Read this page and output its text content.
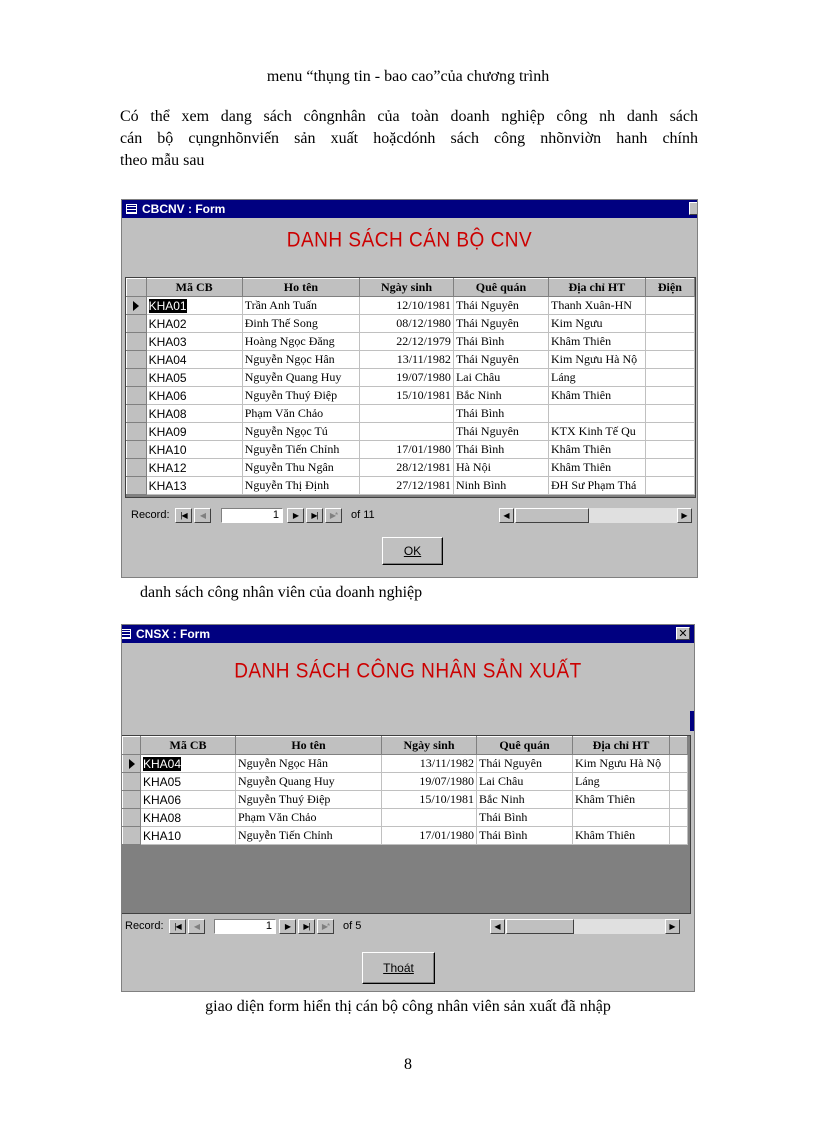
menu “thụng tin - bao cao”của chương trình
Có thể xem dang sách côngnhân của toàn doanh nghiệp công nh danh sách
cán bộ cụngnhõnviến sản xuất hoặcdónh sách công nhõnviờn hanh chính
theo mẫu sau
CBCNV : Form
DANH SÁCH CÁN BỘ CNV
	Mã CB	Ho tên	Ngày sinh	Quê quán	Địa chỉ HT	Điện
	KHA01	Trần Anh Tuấn	12/10/1981	Thái Nguyên	Thanh Xuân-HN	
	KHA02	Đinh Thế Song	08/12/1980	Thái Nguyên	Kim Ngưu	
	KHA03	Hoàng Ngọc Đăng	22/12/1979	Thái Bình	Khâm Thiên	
	KHA04	Nguyễn Ngọc Hân	13/11/1982	Thái Nguyên	Kim Ngưu Hà Nộ	
	KHA05	Nguyễn Quang Huy	19/07/1980	Lai Châu	Láng	
	KHA06	Nguyễn Thuý Điệp	15/10/1981	Bắc Ninh	Khâm Thiên	
	KHA08	Phạm Văn Chảo		Thái Bình		
	KHA09	Nguyễn Ngọc Tú		Thái Nguyên	KTX Kinh Tế Qu	
	KHA10	Nguyễn Tiến Chỉnh	17/01/1980	Thái Bình	Khâm Thiên	
	KHA12	Nguyễn Thu Ngân	28/12/1981	Hà Nội	Khâm Thiên	
	KHA13	Nguyễn Thị Định	27/12/1981	Ninh Bình	ĐH Sư Phạm Thá	
Record:	|◀	◀	1	▶	▶|	▶*	of 11	◀	▶
OK
danh sách công nhân viên của doanh nghiệp
CNSX : Form	✕
DANH SÁCH CÔNG NHÂN SẢN XUẤT
	Mã CB	Ho tên	Ngày sinh	Quê quán	Địa chỉ HT	
	KHA04	Nguyễn Ngọc Hân	13/11/1982	Thái Nguyên	Kim Ngưu Hà Nộ	
	KHA05	Nguyễn Quang Huy	19/07/1980	Lai Châu	Láng	
	KHA06	Nguyễn Thuý Điệp	15/10/1981	Bắc Ninh	Khâm Thiên	
	KHA08	Phạm Văn Chảo		Thái Bình		
	KHA10	Nguyễn Tiến Chỉnh	17/01/1980	Thái Bình	Khâm Thiên	
Record:	|◀	◀	1	▶	▶|	▶*	of 5	◀	▶
Thoát
giao diện form hiển thị cán bộ công nhân viên sản xuất đã nhập
8
